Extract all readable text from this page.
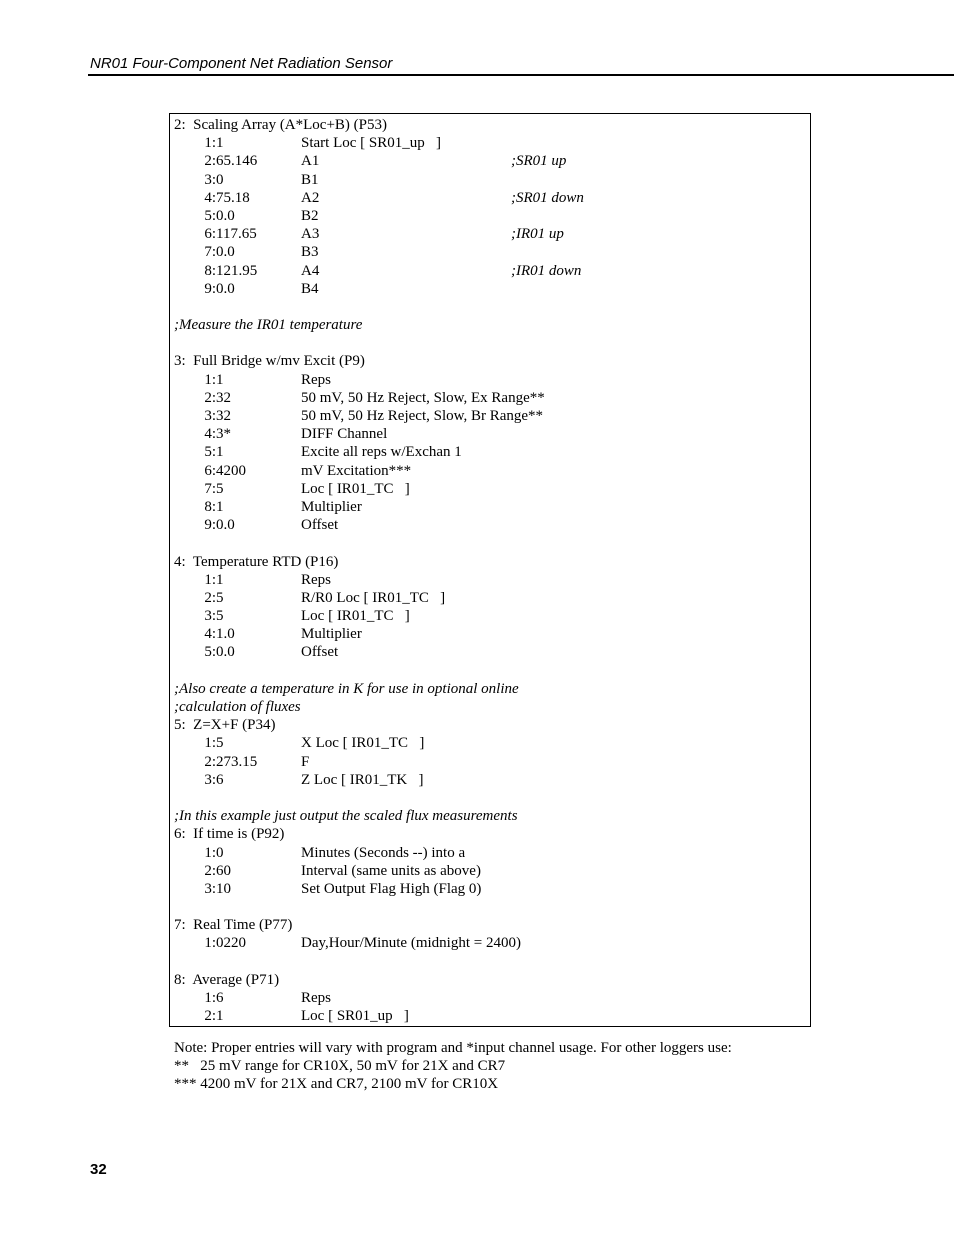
NR01 Four-Component Net Radiation Sensor
2:  Scaling Array (A*Loc+B) (P53)
1: 1	Start Loc [ SR01_up   ]
2: 65.146	A1	;SR01 up
3: 0	B1
4: 75.18	A2	;SR01 down
5: 0.0	B2
6: 117.65	A3	;IR01 up
7: 0.0	B3
8: 121.95	A4	;IR01 down
9: 0.0	B4
;Measure the IR01 temperature
3:  Full Bridge w/mv Excit (P9)
1: 1	Reps
2: 32	50 mV, 50 Hz Reject, Slow, Ex Range**
3: 32	50 mV, 50 Hz Reject, Slow, Br Range**
4: 3*	DIFF Channel
5: 1	Excite all reps w/Exchan 1
6: 4200	mV Excitation***
7: 5	Loc [ IR01_TC   ]
8: 1	Multiplier
9: 0.0	Offset
4:  Temperature RTD (P16)
1: 1	Reps
2: 5	R/R0 Loc [ IR01_TC   ]
3: 5	Loc [ IR01_TC   ]
4: 1.0	Multiplier
5: 0.0	Offset
;Also create a temperature in K for use in optional online
;calculation of fluxes
5:  Z=X+F (P34)
1: 5	X Loc [ IR01_TC   ]
2: 273.15	F
3: 6	Z Loc [ IR01_TK   ]
;In this example just output the scaled flux measurements
6:  If time is (P92)
1: 0	Minutes (Seconds --) into a
2: 60	Interval (same units as above)
3: 10	Set Output Flag High (Flag 0)
7:  Real Time (P77)
1: 0220	Day,Hour/Minute (midnight = 2400)
8:  Average (P71)
1: 6	Reps
2: 1	Loc [ SR01_up   ]
Note: Proper entries will vary with program and *input channel usage. For other loggers use:
**   25 mV range for CR10X, 50 mV for 21X and CR7
*** 4200 mV for 21X and CR7, 2100 mV for CR10X
32
